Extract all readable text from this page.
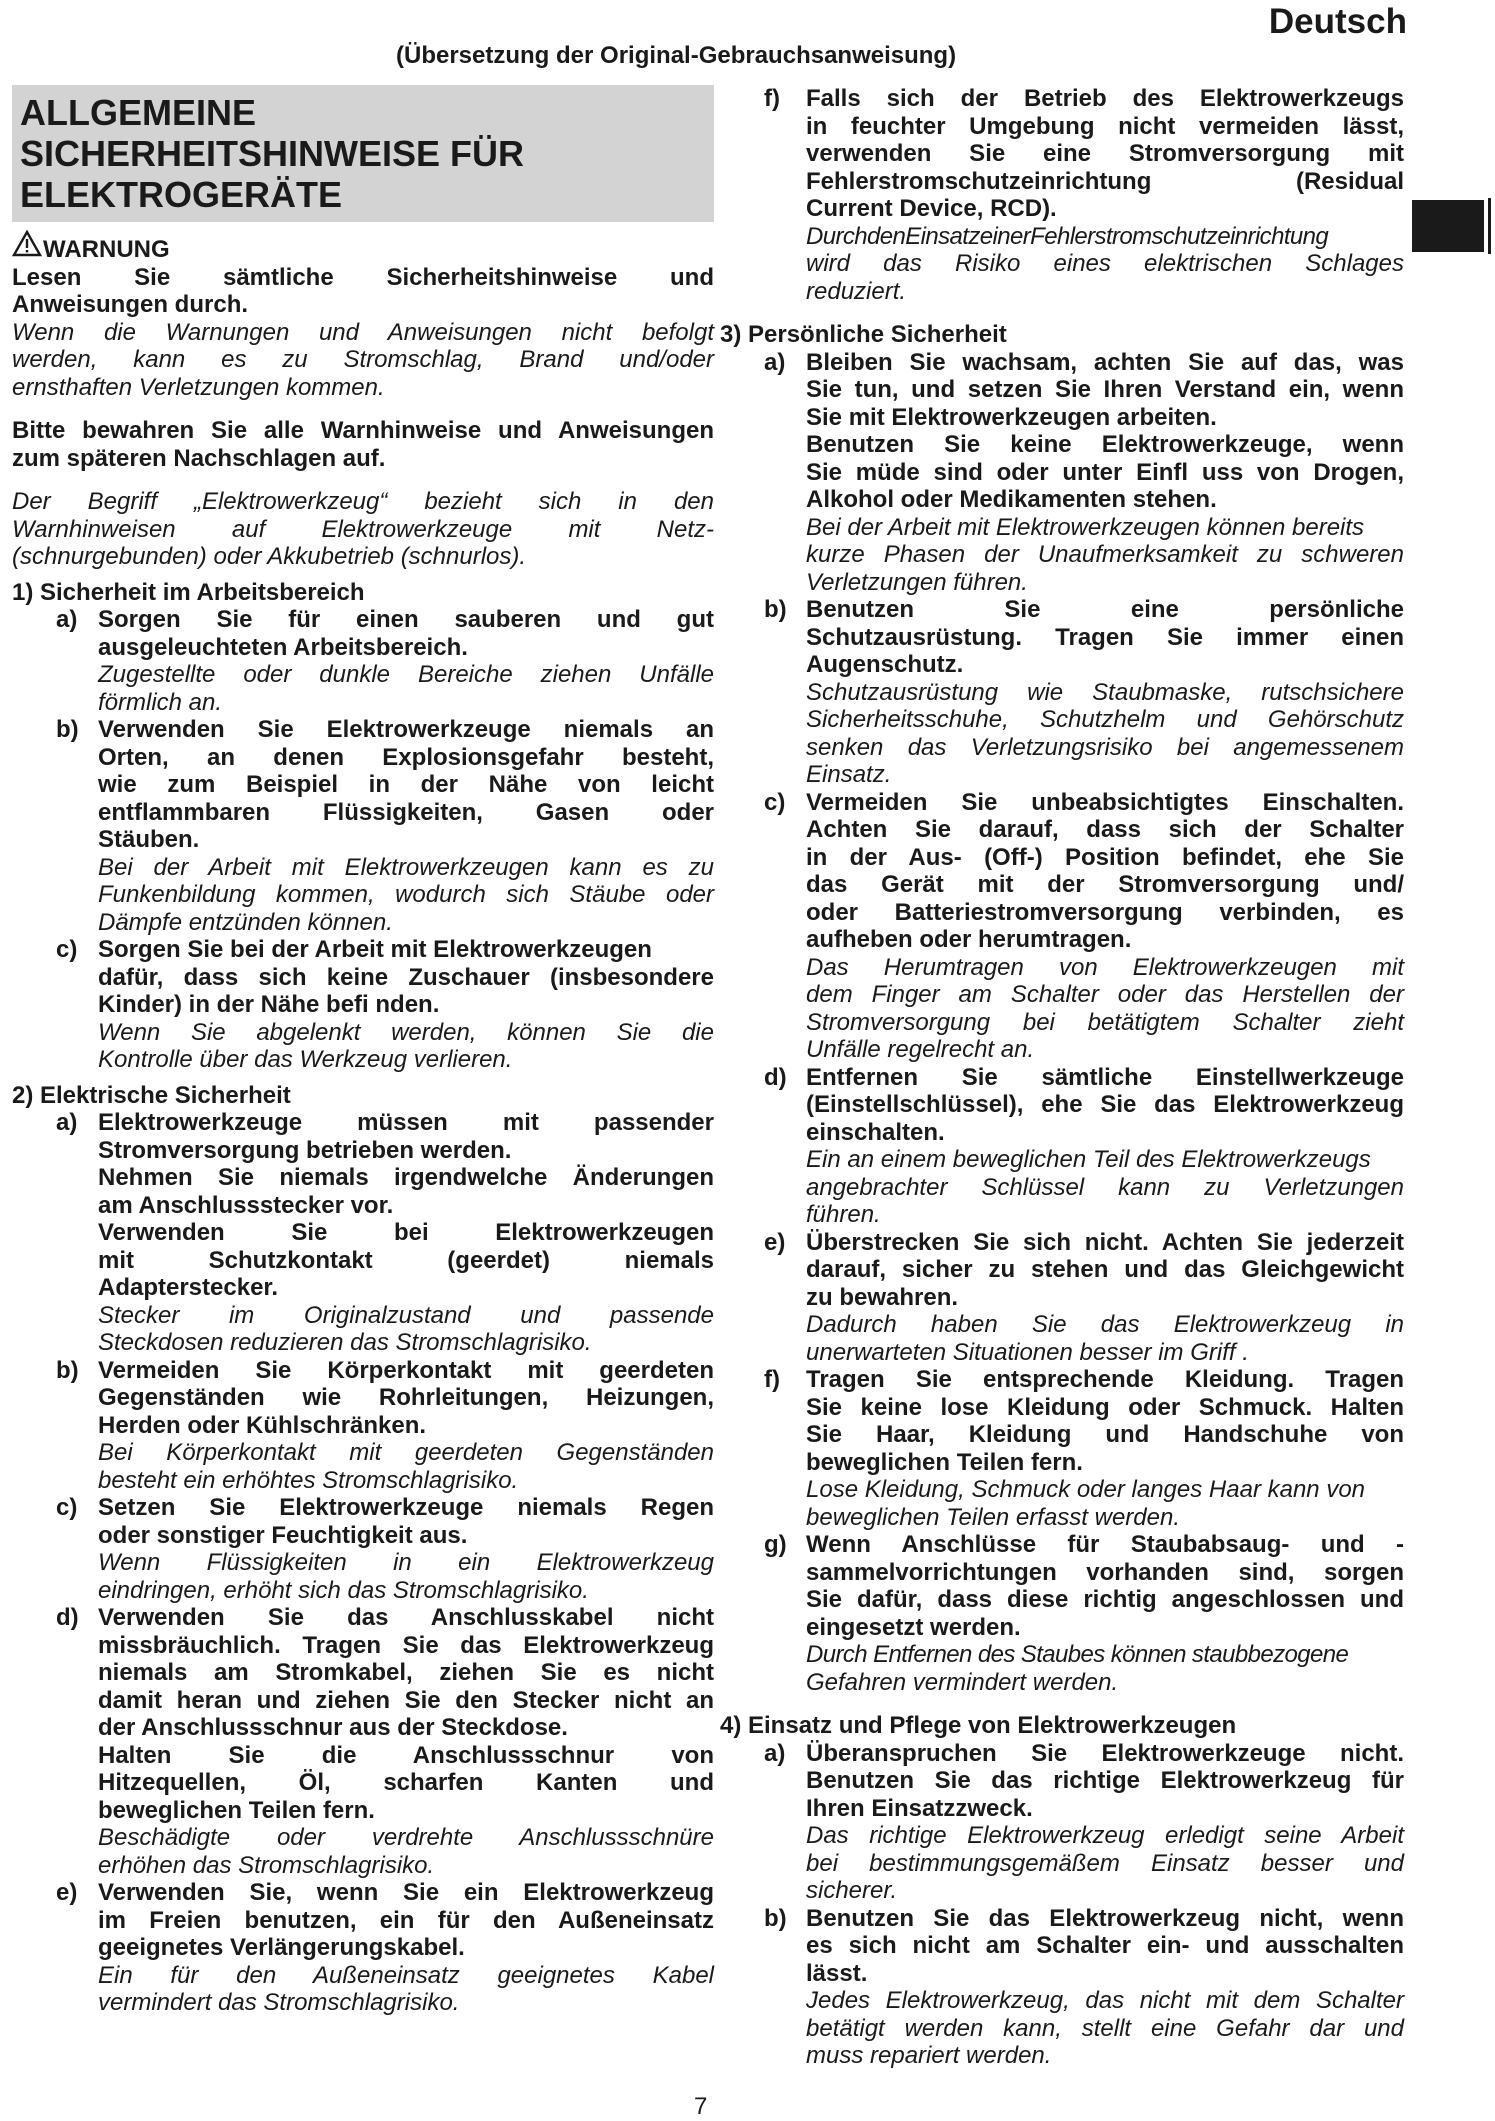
Deutsch
(Übersetzung der Original-Gebrauchsanweisung)
ALLGEMEINE
SICHERHEITSHINWEISE FÜR
ELEKTROGERÄTE
WARNUNG

Lesen Sie sämtliche Sicherheitshinweise und

Anweisungen durch.

Wenn die Warnungen und Anweisungen nicht befolgt

werden, kann es zu Stromschlag, Brand und/oder

ernsthaften Verletzungen kommen.

Bitte bewahren Sie alle Warnhinweise und Anweisungen

zum späteren Nachschlagen auf.

Der Begriff „Elektrowerkzeug“ bezieht sich in den

Warnhinweisen auf Elektrowerkzeuge mit Netz-

(schnurgebunden) oder Akkubetrieb (schnurlos).

1) Sicherheit im Arbeitsbereich

a) Sorgen Sie für einen sauberen und gut

ausgeleuchteten Arbeitsbereich.

Zugestellte oder dunkle Bereiche ziehen Unfälle

förmlich an.

b) Verwenden Sie Elektrowerkzeuge niemals an

Orten, an denen Explosionsgefahr besteht,

wie zum Beispiel in der Nähe von leicht

entflammbaren Flüssigkeiten, Gasen oder

Stäuben.

Bei der Arbeit mit Elektrowerkzeugen kann es zu

Funkenbildung kommen, wodurch sich Stäube oder

Dämpfe entzünden können.

c) Sorgen Sie bei der Arbeit mit Elektrowerkzeugen

dafür, dass sich keine Zuschauer (insbesondere

Kinder) in der Nähe befi nden.

Wenn Sie abgelenkt werden, können Sie die

Kontrolle über das Werkzeug verlieren.

2) Elektrische Sicherheit

a) Elektrowerkzeuge müssen mit passender

Stromversorgung betrieben werden.

Nehmen Sie niemals irgendwelche Änderungen

am Anschlussstecker vor.

Verwenden Sie bei Elektrowerkzeugen

mit Schutzkontakt (geerdet) niemals

Adapterstecker.

Stecker im Originalzustand und passende

Steckdosen reduzieren das Stromschlagrisiko.

b) Vermeiden Sie Körperkontakt mit geerdeten

Gegenständen wie Rohrleitungen, Heizungen,

Herden oder Kühlschränken.

Bei Körperkontakt mit geerdeten Gegenständen

besteht ein erhöhtes Stromschlagrisiko.

c) Setzen Sie Elektrowerkzeuge niemals Regen

oder sonstiger Feuchtigkeit aus.

Wenn Flüssigkeiten in ein Elektrowerkzeug

eindringen, erhöht sich das Stromschlagrisiko.

d) Verwenden Sie das Anschlusskabel nicht

missbräuchlich. Tragen Sie das Elektrowerkzeug

niemals am Stromkabel, ziehen Sie es nicht

damit heran und ziehen Sie den Stecker nicht an

der Anschlussschnur aus der Steckdose.

Halten Sie die Anschlussschnur von

Hitzequellen, Öl, scharfen Kanten und

beweglichen Teilen fern.

Beschädigte oder verdrehte Anschlussschnüre

erhöhen das Stromschlagrisiko.

e) Verwenden Sie, wenn Sie ein Elektrowerkzeug

im Freien benutzen, ein für den Außeneinsatz

geeignetes Verlängerungskabel.

Ein für den Außeneinsatz geeignetes Kabel

vermindert das Stromschlagrisiko.

f)	Falls sich der Betrieb des Elektrowerkzeugs

in feuchter Umgebung nicht vermeiden lässt,

verwenden Sie eine Stromversorgung mit

Fehlerstromschutzeinrichtung (Residual

Current Device, RCD).

DurchdenEinsatzeinerFehlerstromschutzeinrichtung

wird das Risiko eines elektrischen Schlages

reduziert.

3) Persönliche Sicherheit

a) Bleiben Sie wachsam, achten Sie auf das, was

Sie tun, und setzen Sie Ihren Verstand ein, wenn

Sie mit Elektrowerkzeugen arbeiten.

Benutzen Sie keine Elektrowerkzeuge, wenn

Sie müde sind oder unter Einfl uss von Drogen,

Alkohol oder Medikamenten stehen.

Bei der Arbeit mit Elektrowerkzeugen können bereits

kurze Phasen der Unaufmerksamkeit zu schweren

Verletzungen führen.

b) Benutzen Sie eine persönliche

Schutzausrüstung. Tragen Sie immer einen

Augenschutz.

Schutzausrüstung wie Staubmaske, rutschsichere

Sicherheitsschuhe, Schutzhelm und Gehörschutz

senken das Verletzungsrisiko bei angemessenem

Einsatz.

c) Vermeiden Sie unbeabsichtigtes Einschalten.

Achten Sie darauf, dass sich der Schalter

in der Aus- (Off-) Position befindet, ehe Sie

das Gerät mit der Stromversorgung und/

oder Batteriestromversorgung verbinden, es

aufheben oder herumtragen.

Das Herumtragen von Elektrowerkzeugen mit

dem Finger am Schalter oder das Herstellen der

Stromversorgung bei betätigtem Schalter zieht

Unfälle regelrecht an.

d) Entfernen Sie sämtliche Einstellwerkzeuge

(Einstellschlüssel), ehe Sie das Elektrowerkzeug

einschalten.

Ein an einem beweglichen Teil des Elektrowerkzeugs

angebrachter Schlüssel kann zu Verletzungen

führen.

e) Überstrecken Sie sich nicht. Achten Sie jederzeit

darauf, sicher zu stehen und das Gleichgewicht

zu bewahren.

Dadurch haben Sie das Elektrowerkzeug in

unerwarteten Situationen besser im Griff .

f)	Tragen Sie entsprechende Kleidung. Tragen

Sie keine lose Kleidung oder Schmuck. Halten

Sie Haar, Kleidung und Handschuhe von

beweglichen Teilen fern.

Lose Kleidung, Schmuck oder langes Haar kann von

beweglichen Teilen erfasst werden.

g) Wenn Anschlüsse für Staubabsaug- und -

sammelvorrichtungen vorhanden sind, sorgen

Sie dafür, dass diese richtig angeschlossen und

eingesetzt werden.

Durch Entfernen des Staubes können staubbezogene

Gefahren vermindert werden.

4) Einsatz und Pflege von Elektrowerkzeugen

a) Überanspruchen Sie Elektrowerkzeuge nicht.

Benutzen Sie das richtige Elektrowerkzeug für

Ihren Einsatzzweck.

Das richtige Elektrowerkzeug erledigt seine Arbeit

bei bestimmungsgemäßem Einsatz besser und

sicherer.

b) Benutzen Sie das Elektrowerkzeug nicht, wenn

es sich nicht am Schalter ein- und ausschalten

lässt.

Jedes Elektrowerkzeug, das nicht mit dem Schalter

betätigt werden kann, stellt eine Gefahr dar und

muss repariert werden.

7
